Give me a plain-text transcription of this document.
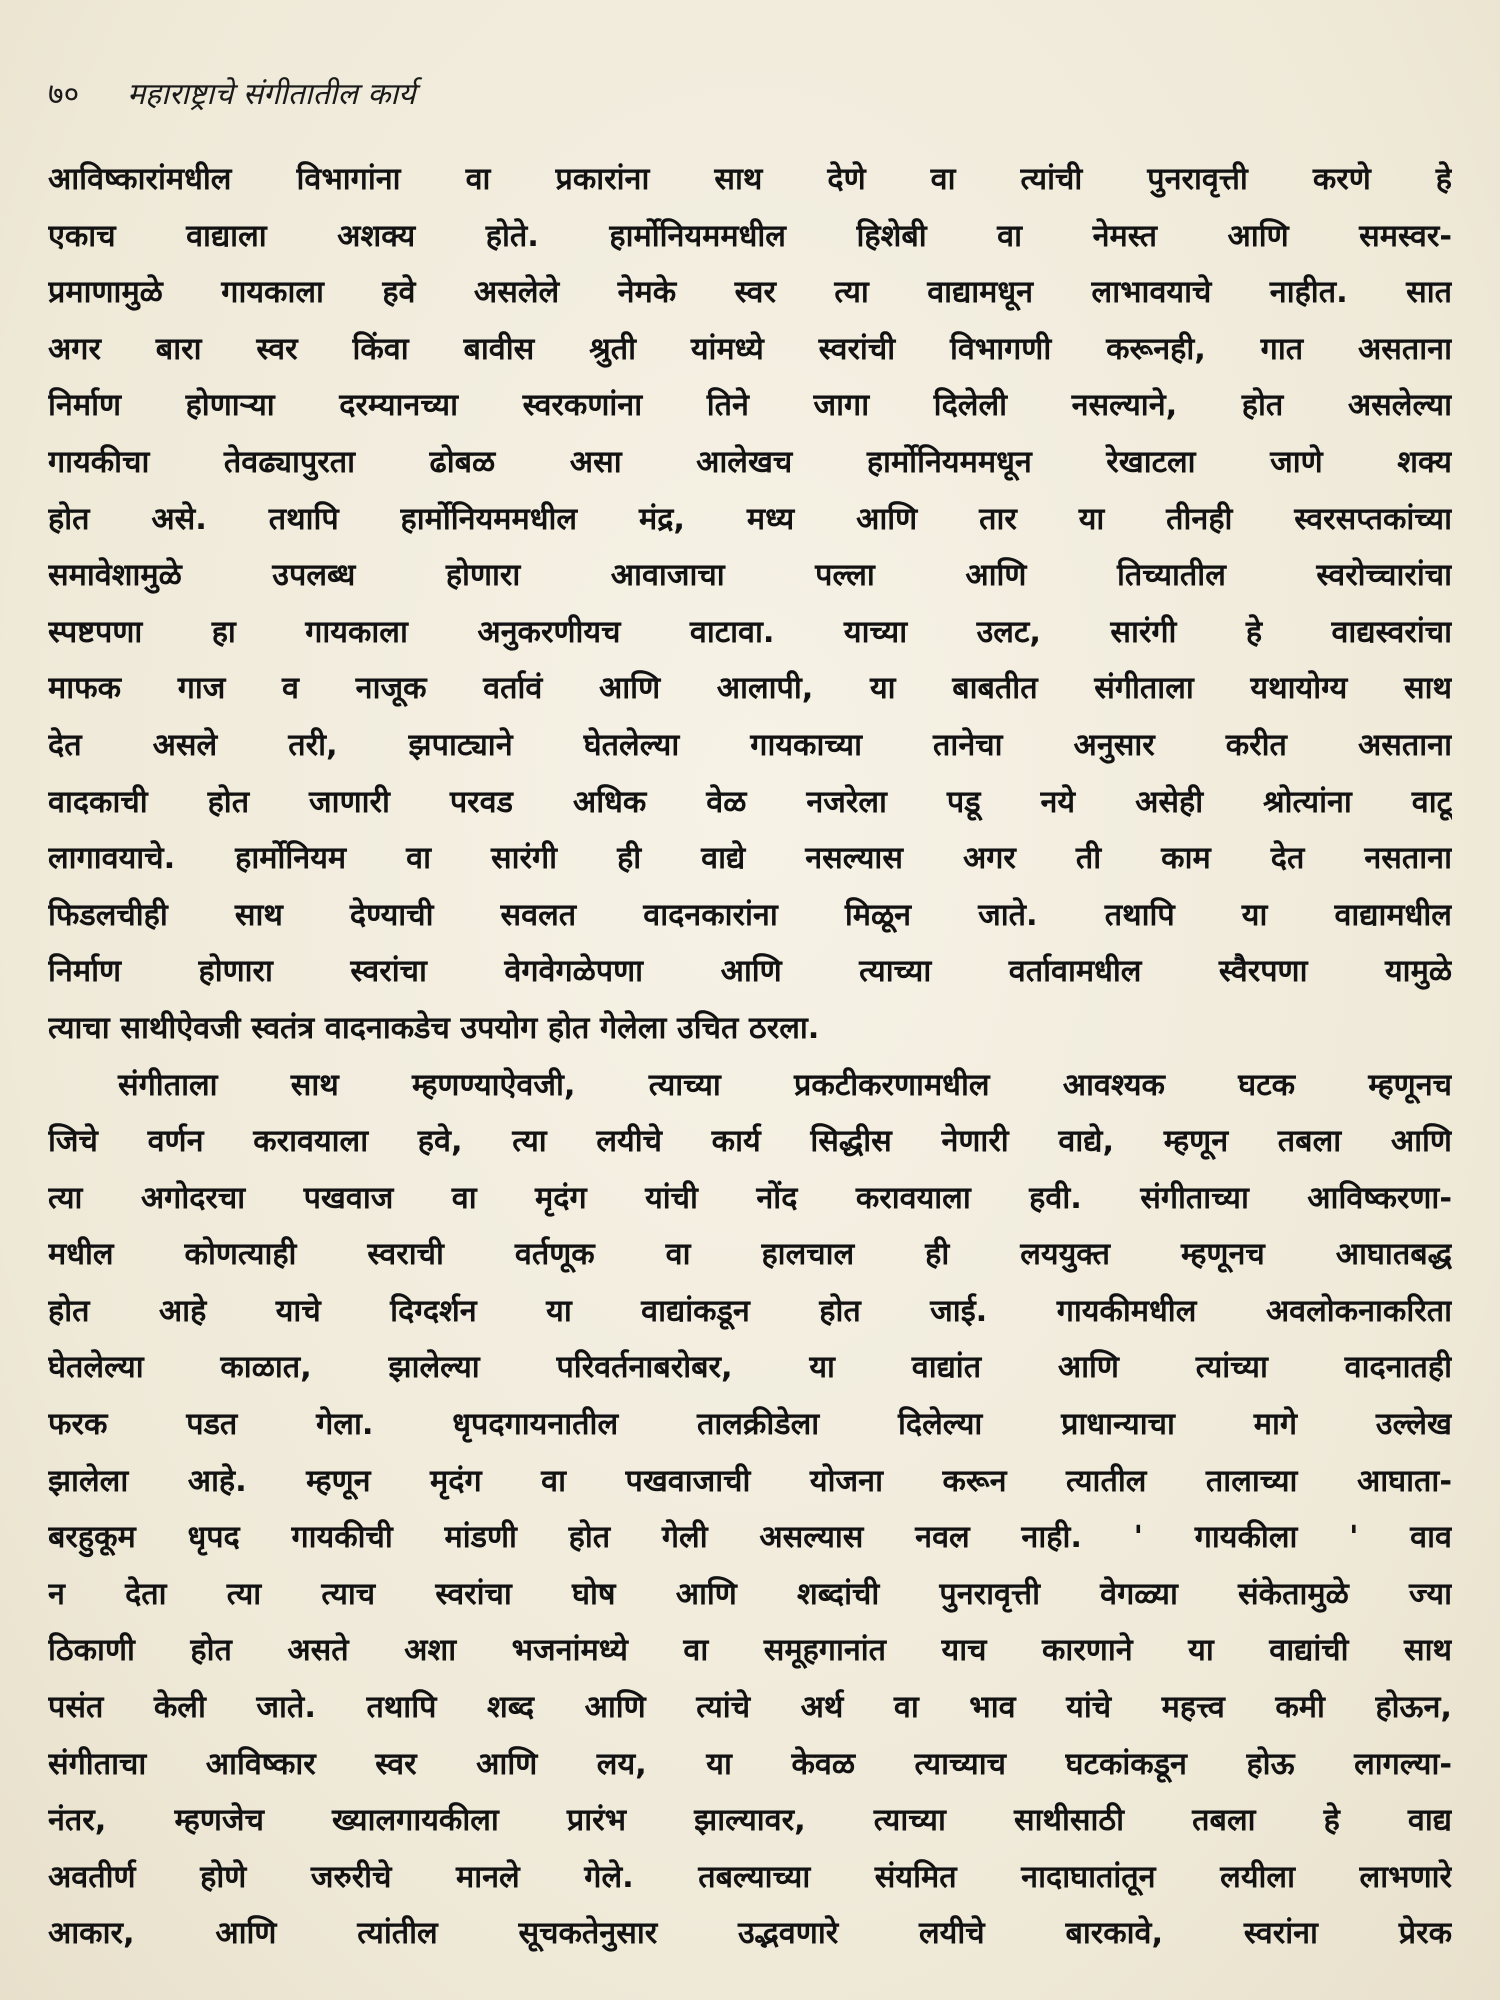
७० महाराष्ट्राचे संगीतातील कार्य
आविष्कारांमधील विभागांना वा प्रकारांना साथ देणे वा त्यांची पुनरावृत्ती करणे हे
एकाच वाद्याला अशक्य होते. हार्मोनियममधील हिशेबी वा नेमस्त आणि समस्वर-
प्रमाणामुळे गायकाला हवे असलेले नेमके स्वर त्या वाद्यामधून लाभावयाचे नाहीत. सात
अगर बारा स्वर किंवा बावीस श्रुती यांमध्ये स्वरांची विभागणी करूनही, गात असताना
निर्माण होणाऱ्या दरम्यानच्या स्वरकणांना तिने जागा दिलेली नसल्याने, होत असलेल्या
गायकीचा तेवढ्यापुरता ढोबळ असा आलेखच हार्मोनियममधून रेखाटला जाणे शक्य
होत असे. तथापि हार्मोनियममधील मंद्र, मध्य आणि तार या तीनही स्वरसप्तकांच्या
समावेशामुळे उपलब्ध होणारा आवाजाचा पल्ला आणि तिच्यातील स्वरोच्चारांचा
स्पष्टपणा हा गायकाला अनुकरणीयच वाटावा. याच्या उलट, सारंगी हे वाद्यस्वरांचा
माफक गाज व नाजूक वर्तावं आणि आलापी, या बाबतीत संगीताला यथायोग्य साथ
देत असले तरी, झपाट्याने घेतलेल्या गायकाच्या तानेचा अनुसार करीत असताना
वादकाची होत जाणारी परवड अधिक वेळ नजरेला पडू नये असेही श्रोत्यांना वाटू
लागावयाचे. हार्मोनियम वा सारंगी ही वाद्ये नसल्यास अगर ती काम देत नसताना
फिडलचीही साथ देण्याची सवलत वादनकारांना मिळून जाते. तथापि या वाद्यामधील
निर्माण होणारा स्वरांचा वेगवेगळेपणा आणि त्याच्या वर्तावामधील स्वैरपणा यामुळे
त्याचा साथीऐवजी स्वतंत्र वादनाकडेच उपयोग होत गेलेला उचित ठरला.
संगीताला साथ म्हणण्याऐवजी, त्याच्या प्रकटीकरणामधील आवश्यक घटक म्हणूनच
जिचे वर्णन करावयाला हवे, त्या लयीचे कार्य सिद्धीस नेणारी वाद्ये, म्हणून तबला आणि
त्या अगोदरचा पखवाज वा मृदंग यांची नोंद करावयाला हवी. संगीताच्या आविष्करणा-
मधील कोणत्याही स्वराची वर्तणूक वा हालचाल ही लययुक्त म्हणूनच आघातबद्ध
होत आहे याचे दिग्दर्शन या वाद्यांकडून होत जाई. गायकीमधील अवलोकनाकरिता
घेतलेल्या काळात, झालेल्या परिवर्तनाबरोबर, या वाद्यांत आणि त्यांच्या वादनातही
फरक पडत गेला. धृपदगायनातील तालक्रीडेला दिलेल्या प्राधान्याचा मागे उल्लेख
झालेला आहे. म्हणून मृदंग वा पखवाजाची योजना करून त्यातील तालाच्या आघाता-
बरहुकूम धृपद गायकीची मांडणी होत गेली असल्यास नवल नाही. ' गायकीला ' वाव
न देता त्या त्याच स्वरांचा घोष आणि शब्दांची पुनरावृत्ती वेगळ्या संकेतामुळे ज्या
ठिकाणी होत असते अशा भजनांमध्ये वा समूहगानांत याच कारणाने या वाद्यांची साथ
पसंत केली जाते. तथापि शब्द आणि त्यांचे अर्थ वा भाव यांचे महत्त्व कमी होऊन,
संगीताचा आविष्कार स्वर आणि लय, या केवळ त्याच्याच घटकांकडून होऊ लागल्या-
नंतर, म्हणजेच ख्यालगायकीला प्रारंभ झाल्यावर, त्याच्या साथीसाठी तबला हे वाद्य
अवतीर्ण होणे जरुरीचे मानले गेले. तबल्याच्या संयमित नादाघातांतून लयीला लाभणारे
आकार, आणि त्यांतील सूचकतेनुसार उद्भवणारे लयीचे बारकावे, स्वरांना प्रेरक
